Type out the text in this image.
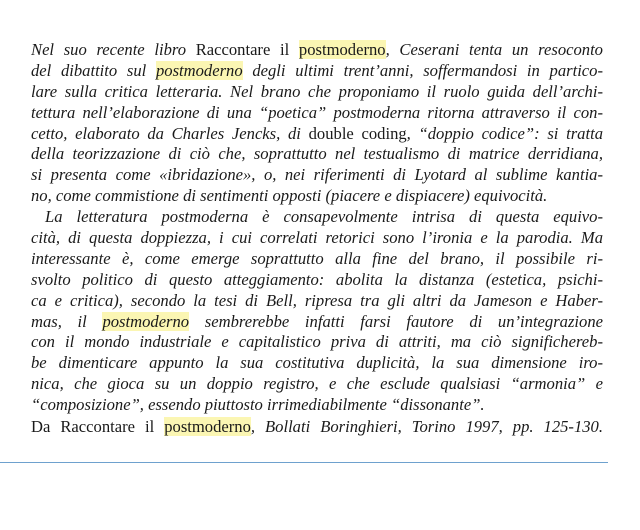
Nel suo recente libro Raccontare il postmoderno, Ceserani tenta un resoconto
del dibattito sul postmoderno degli ultimi trent’anni, soffermandosi in partico-
lare sulla critica letteraria. Nel brano che proponiamo il ruolo guida dell’archi-
tettura nell’elaborazione di una “poetica” postmoderna ritorna attraverso il con-
cetto, elaborato da Charles Jencks, di double coding, “doppio codice”: si tratta
della teorizzazione di ciò che, soprattutto nel testualismo di matrice derridiana,
si presenta come «ibridazione», o, nei riferimenti di Lyotard al sublime kantia-
no, come commistione di sentimenti opposti (piacere e dispiacere) equivocità.
La letteratura postmoderna è consapevolmente intrisa di questa equivo-
cità, di questa doppiezza, i cui correlati retorici sono l’ironia e la parodia. Ma
interessante è, come emerge soprattutto alla fine del brano, il possibile ri-
svolto politico di questo atteggiamento: abolita la distanza (estetica, psichi-
ca e critica), secondo la tesi di Bell, ripresa tra gli altri da Jameson e Haber-
mas, il postmoderno sembrerebbe infatti farsi fautore di un’integrazione
con il mondo industriale e capitalistico priva di attriti, ma ciò significhereb-
be dimenticare appunto la sua costitutiva duplicità, la sua dimensione iro-
nica, che gioca su un doppio registro, e che esclude qualsiasi “armonia” e
“composizione”, essendo piuttosto irrimediabilmente “dissonante”.
Da Raccontare il postmoderno, Bollati Boringhieri, Torino 1997, pp. 125-130.
